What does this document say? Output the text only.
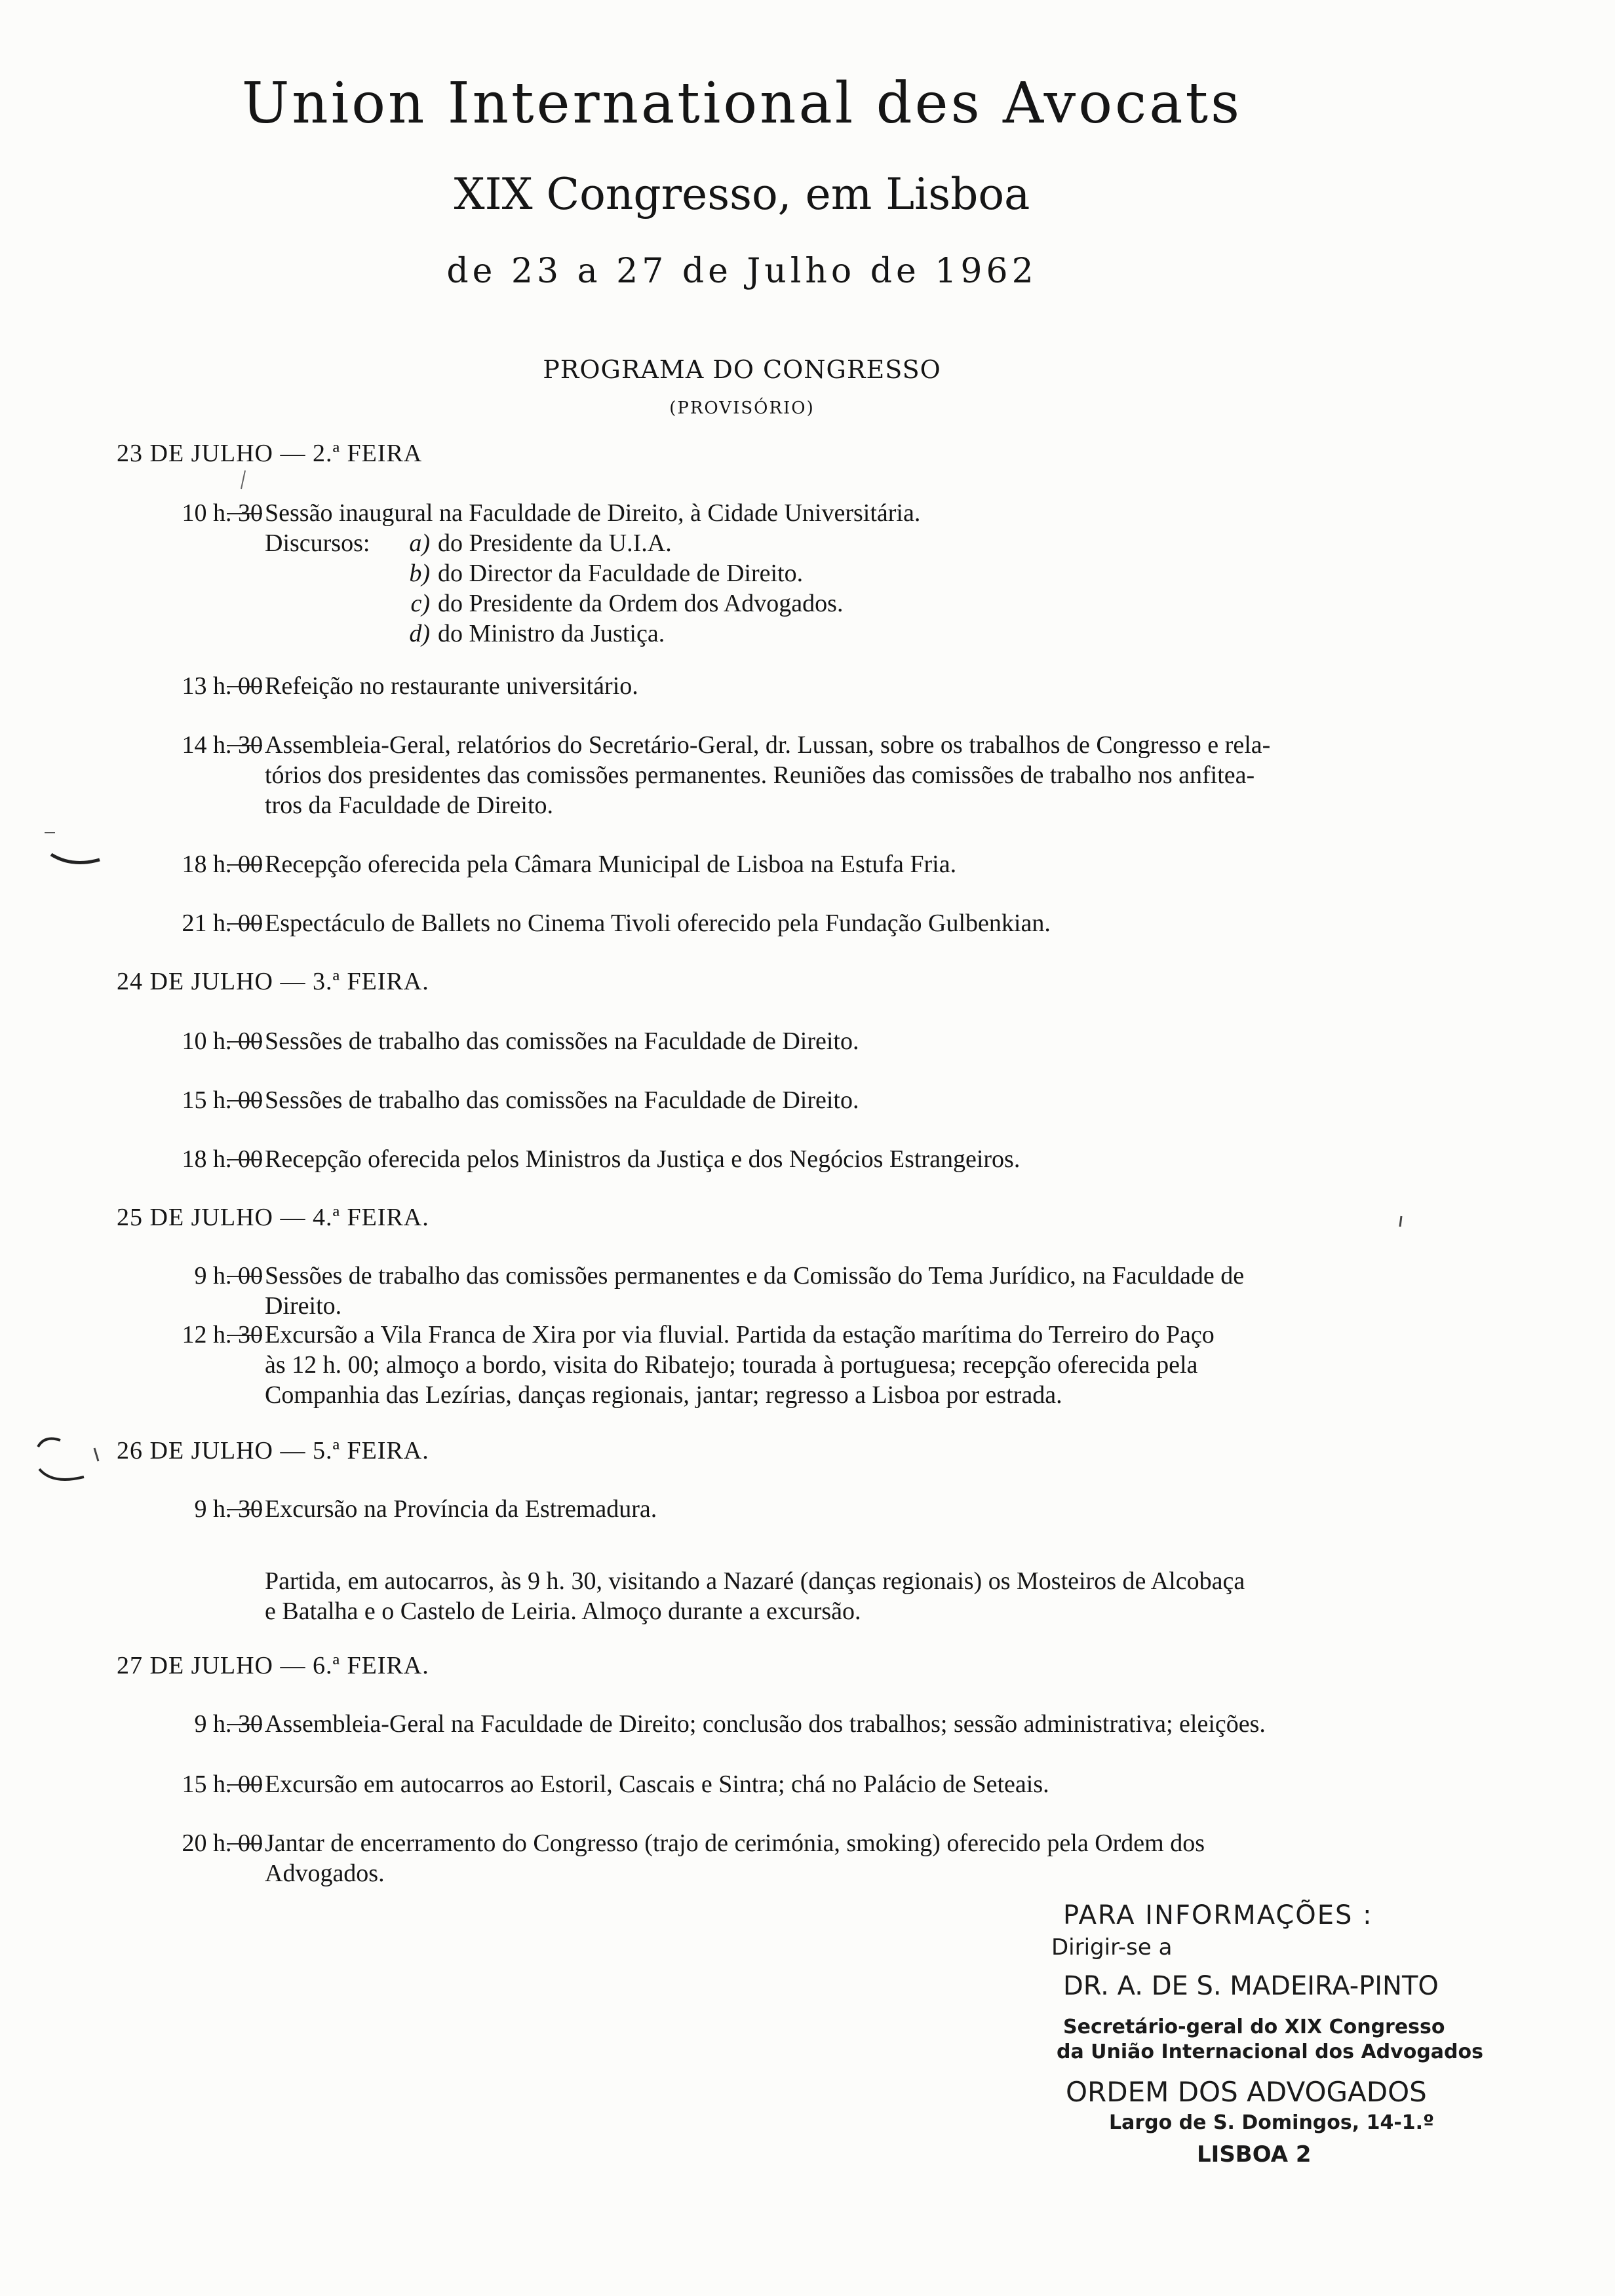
Union International des Avocats
XIX Congresso, em Lisboa
de 23 a 27 de Julho de 1962
PROGRAMA DO CONGRESSO
(PROVISÓRIO)
23 DE JULHO — 2.ª FEIRA
10 h. 30 Sessão inaugural na Faculdade de Direito, à Cidade Universitária.
Discursos:	a) do Presidente da U.I.A.
b) do Director da Faculdade de Direito.
c) do Presidente da Ordem dos Advogados.
d) do Ministro da Justiça.
13 h. 00 Refeição no restaurante universitário.
14 h. 30 Assembleia-Geral, relatórios do Secretário-Geral, dr. Lussan, sobre os trabalhos de Congresso e rela-
tórios dos presidentes das comissões permanentes. Reuniões das comissões de trabalho nos anfitea-
tros da Faculdade de Direito.
18 h. 00 Recepção oferecida pela Câmara Municipal de Lisboa na Estufa Fria.
21 h. 00 Espectáculo de Ballets no Cinema Tivoli oferecido pela Fundação Gulbenkian.
24 DE JULHO — 3.ª FEIRA.
10 h. 00 Sessões de trabalho das comissões na Faculdade de Direito.
15 h. 00 Sessões de trabalho das comissões na Faculdade de Direito.
18 h. 00 Recepção oferecida pelos Ministros da Justiça e dos Negócios Estrangeiros.
25 DE JULHO — 4.ª FEIRA.
9 h. 00 Sessões de trabalho das comissões permanentes e da Comissão do Tema Jurídico, na Faculdade de
Direito.
12 h. 30 Excursão a Vila Franca de Xira por via fluvial. Partida da estação marítima do Terreiro do Paço
às 12 h. 00; almoço a bordo, visita do Ribatejo; tourada à portuguesa; recepção oferecida pela
Companhia das Lezírias, danças regionais, jantar; regresso a Lisboa por estrada.
26 DE JULHO — 5.ª FEIRA.
9 h. 30 Excursão na Província da Estremadura.
Partida, em autocarros, às 9 h. 30, visitando a Nazaré (danças regionais) os Mosteiros de Alcobaça
e Batalha e o Castelo de Leiria. Almoço durante a excursão.
27 DE JULHO — 6.ª FEIRA.
9 h. 30 Assembleia-Geral na Faculdade de Direito; conclusão dos trabalhos; sessão administrativa; eleições.
15 h. 00 Excursão em autocarros ao Estoril, Cascais e Sintra; chá no Palácio de Seteais.
20 h. 00 Jantar de encerramento do Congresso (trajo de cerimónia, smoking) oferecido pela Ordem dos
Advogados.
PARA INFORMAÇÕES :
Dirigir-se a
DR. A. DE S. MADEIRA-PINTO
Secretário-geral do XIX Congresso
da União Internacional dos Advogados
ORDEM DOS ADVOGADOS
Largo de S. Domingos, 14-1.º
LISBOA 2
